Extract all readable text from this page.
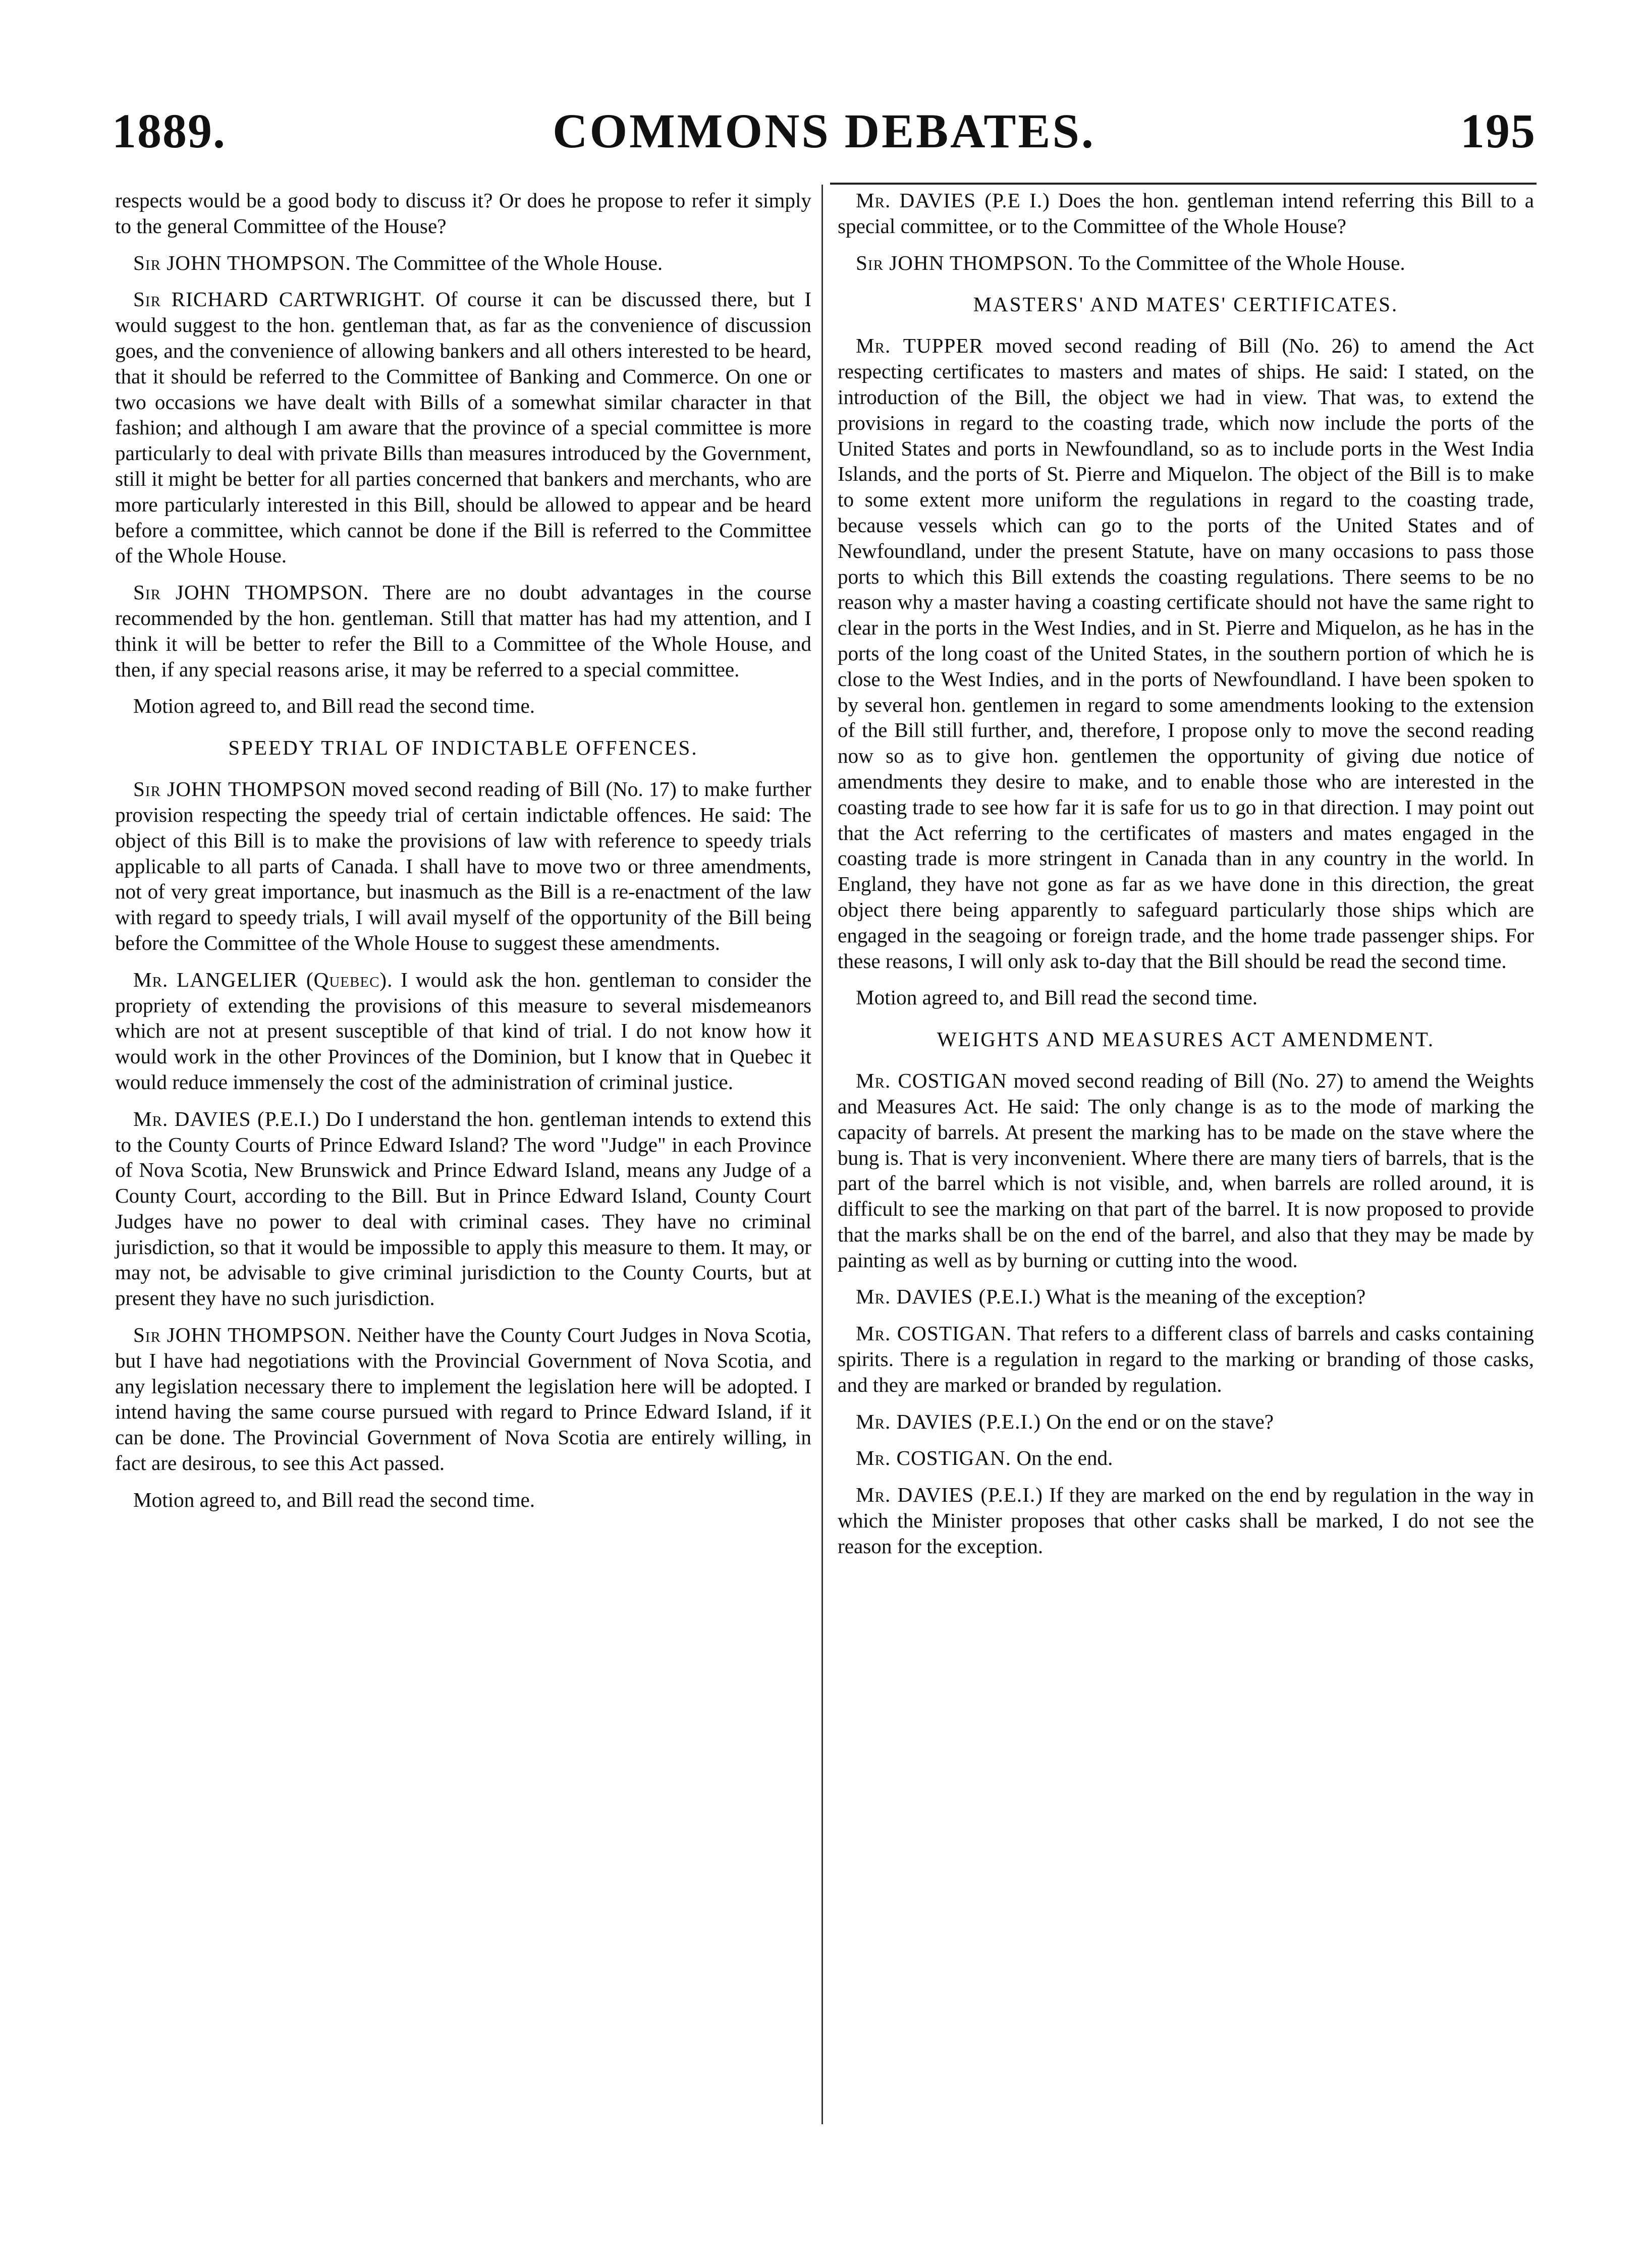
1889.	COMMONS DEBATES.	195

respects would be a good body to discuss it? Or does he propose to refer it simply to the general Committee of the House?

Sir JOHN THOMPSON. The Committee of the Whole House.

Sir RICHARD CARTWRIGHT. Of course it can be discussed there, but I would suggest to the hon. gentleman that, as far as the convenience of discussion goes, and the convenience of allowing bankers and all others interested to be heard, that it should be referred to the Committee of Banking and Commerce. On one or two occasions we have dealt with Bills of a somewhat similar character in that fashion; and although I am aware that the province of a special committee is more particularly to deal with private Bills than measures introduced by the Government, still it might be better for all parties concerned that bankers and merchants, who are more particularly interested in this Bill, should be allowed to appear and be heard before a committee, which cannot be done if the Bill is referred to the Committee of the Whole House.

Sir JOHN THOMPSON. There are no doubt advantages in the course recommended by the hon. gentleman. Still that matter has had my attention, and I think it will be better to refer the Bill to a Committee of the Whole House, and then, if any special reasons arise, it may be referred to a special committee.

Motion agreed to, and Bill read the second time.

SPEEDY TRIAL OF INDICTABLE OFFENCES.

Sir JOHN THOMPSON moved second reading of Bill (No. 17) to make further provision respecting the speedy trial of certain indictable offences. He said: The object of this Bill is to make the provisions of law with reference to speedy trials applicable to all parts of Canada. I shall have to move two or three amendments, not of very great importance, but inasmuch as the Bill is a re-enactment of the law with regard to speedy trials, I will avail myself of the opportunity of the Bill being before the Committee of the Whole House to suggest these amendments.

Mr. LANGELIER (Quebec). I would ask the hon. gentleman to consider the propriety of extending the provisions of this measure to several misdemeanors which are not at present susceptible of that kind of trial. I do not know how it would work in the other Provinces of the Dominion, but I know that in Quebec it would reduce immensely the cost of the administration of criminal justice.

Mr. DAVIES (P.E.I.) Do I understand the hon. gentleman intends to extend this to the County Courts of Prince Edward Island? The word "Judge" in each Province of Nova Scotia, New Brunswick and Prince Edward Island, means any Judge of a County Court, according to the Bill. But in Prince Edward Island, County Court Judges have no power to deal with criminal cases. They have no criminal jurisdiction, so that it would be impossible to apply this measure to them. It may, or may not, be advisable to give criminal jurisdiction to the County Courts, but at present they have no such jurisdiction.

Sir JOHN THOMPSON. Neither have the County Court Judges in Nova Scotia, but I have had negotiations with the Provincial Government of Nova Scotia, and any legislation necessary there to implement the legislation here will be adopted. I intend having the same course pursued with regard to Prince Edward Island, if it can be done. The Provincial Government of Nova Scotia are entirely willing, in fact are desirous, to see this Act passed.

Motion agreed to, and Bill read the second time.

Mr. DAVIES (P.E I.) Does the hon. gentleman intend referring this Bill to a special committee, or to the Committee of the Whole House?

Sir JOHN THOMPSON. To the Committee of the Whole House.

MASTERS' AND MATES' CERTIFICATES.

Mr. TUPPER moved second reading of Bill (No. 26) to amend the Act respecting certificates to masters and mates of ships. He said: I stated, on the introduction of the Bill, the object we had in view. That was, to extend the provisions in regard to the coasting trade, which now include the ports of the United States and ports in Newfoundland, so as to include ports in the West India Islands, and the ports of St. Pierre and Miquelon. The object of the Bill is to make to some extent more uniform the regulations in regard to the coasting trade, because vessels which can go to the ports of the United States and of Newfoundland, under the present Statute, have on many occasions to pass those ports to which this Bill extends the coasting regulations. There seems to be no reason why a master having a coasting certificate should not have the same right to clear in the ports in the West Indies, and in St. Pierre and Miquelon, as he has in the ports of the long coast of the United States, in the southern portion of which he is close to the West Indies, and in the ports of Newfoundland. I have been spoken to by several hon. gentlemen in regard to some amendments looking to the extension of the Bill still further, and, therefore, I propose only to move the second reading now so as to give hon. gentlemen the opportunity of giving due notice of amendments they desire to make, and to enable those who are interested in the coasting trade to see how far it is safe for us to go in that direction. I may point out that the Act referring to the certificates of masters and mates engaged in the coasting trade is more stringent in Canada than in any country in the world. In England, they have not gone as far as we have done in this direction, the great object there being apparently to safeguard particularly those ships which are engaged in the seagoing or foreign trade, and the home trade passenger ships. For these reasons, I will only ask to-day that the Bill should be read the second time.

Motion agreed to, and Bill read the second time.

WEIGHTS AND MEASURES ACT AMENDMENT.

Mr. COSTIGAN moved second reading of Bill (No. 27) to amend the Weights and Measures Act. He said: The only change is as to the mode of marking the capacity of barrels. At present the marking has to be made on the stave where the bung is. That is very inconvenient. Where there are many tiers of barrels, that is the part of the barrel which is not visible, and, when barrels are rolled around, it is difficult to see the marking on that part of the barrel. It is now proposed to provide that the marks shall be on the end of the barrel, and also that they may be made by painting as well as by burning or cutting into the wood.

Mr. DAVIES (P.E.I.) What is the meaning of the exception?

Mr. COSTIGAN. That refers to a different class of barrels and casks containing spirits. There is a regulation in regard to the marking or branding of those casks, and they are marked or branded by regulation.

Mr. DAVIES (P.E.I.) On the end or on the stave?

Mr. COSTIGAN. On the end.

Mr. DAVIES (P.E.I.) If they are marked on the end by regulation in the way in which the Minister proposes that other casks shall be marked, I do not see the reason for the exception.
